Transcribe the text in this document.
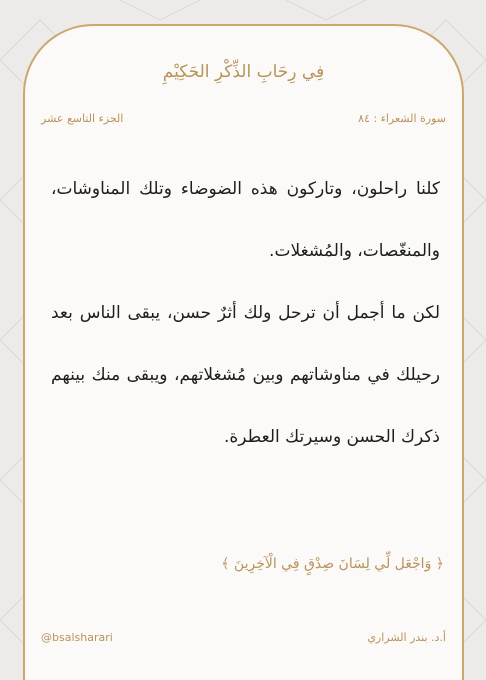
فِي رِحَابِ الذِّكْرِ الحَكِيْمِ
سورة الشعراء : ٨٤
الجزء التاسع عشر

كلنا راحلون، وتاركون هذه الضوضاء وتلك المناوشات، والمنغّصات، والمُشغلات.

لكن ما أجمل أن ترحل ولك أثرٌ حسن، يبقى الناس بعد رحيلك في مناوشاتهم وبين مُشغلاتهم، ويبقى منك بينهم ذكرك الحسن وسيرتك العطرة.

﴿ وَاجْعَل لِّي لِسَانَ صِدْقٍ فِي الْآخِرِينَ ﴾
أ.د. بندر الشراري
@bsalsharari
